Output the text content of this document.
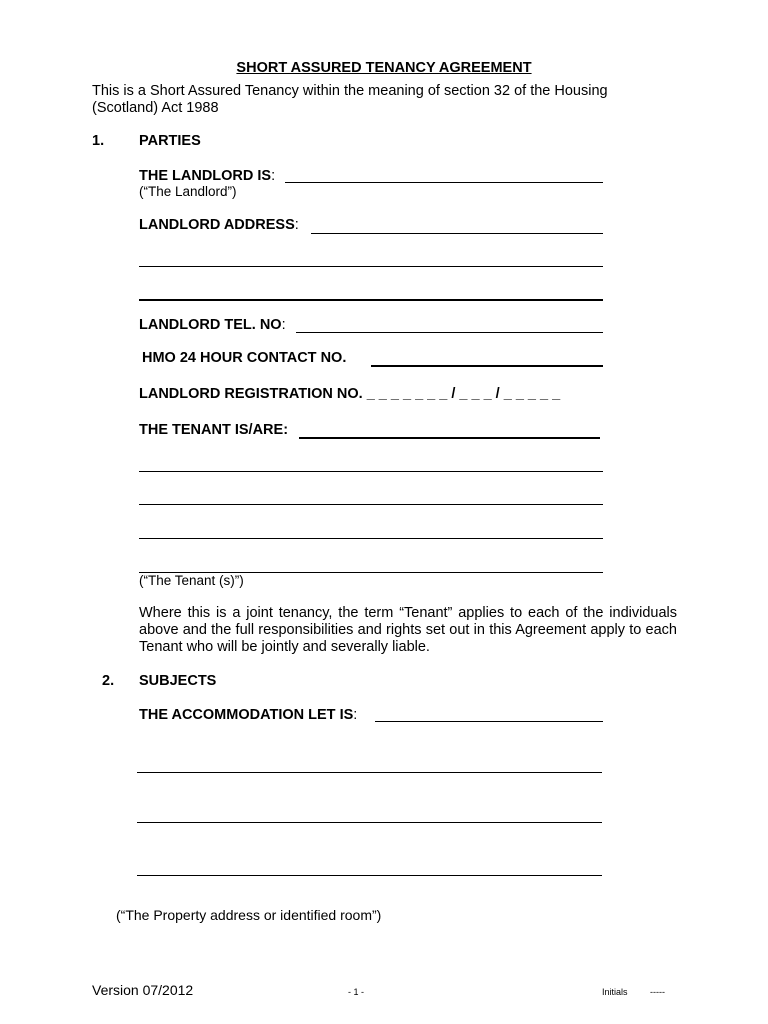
SHORT ASSURED TENANCY AGREEMENT
This is a Short Assured Tenancy within the meaning of section 32 of the Housing (Scotland) Act 1988
1. PARTIES
THE LANDLORD IS:
(“The Landlord”)
LANDLORD ADDRESS:
LANDLORD TEL. NO:
HMO 24 HOUR CONTACT NO.
LANDLORD REGISTRATION NO. _ _ _ _ _ _ _ / _ _ _ / _ _ _ _ _
THE TENANT IS/ARE:
(“The Tenant (s)”)
Where this is a joint tenancy, the term “Tenant” applies to each of the individuals above and the full responsibilities and rights set out in this Agreement apply to each Tenant who will be jointly and severally liable.
2. SUBJECTS
THE ACCOMMODATION LET IS:
(“The Property address or identified room”)
Version 07/2012	- 1 -	Initials -----
